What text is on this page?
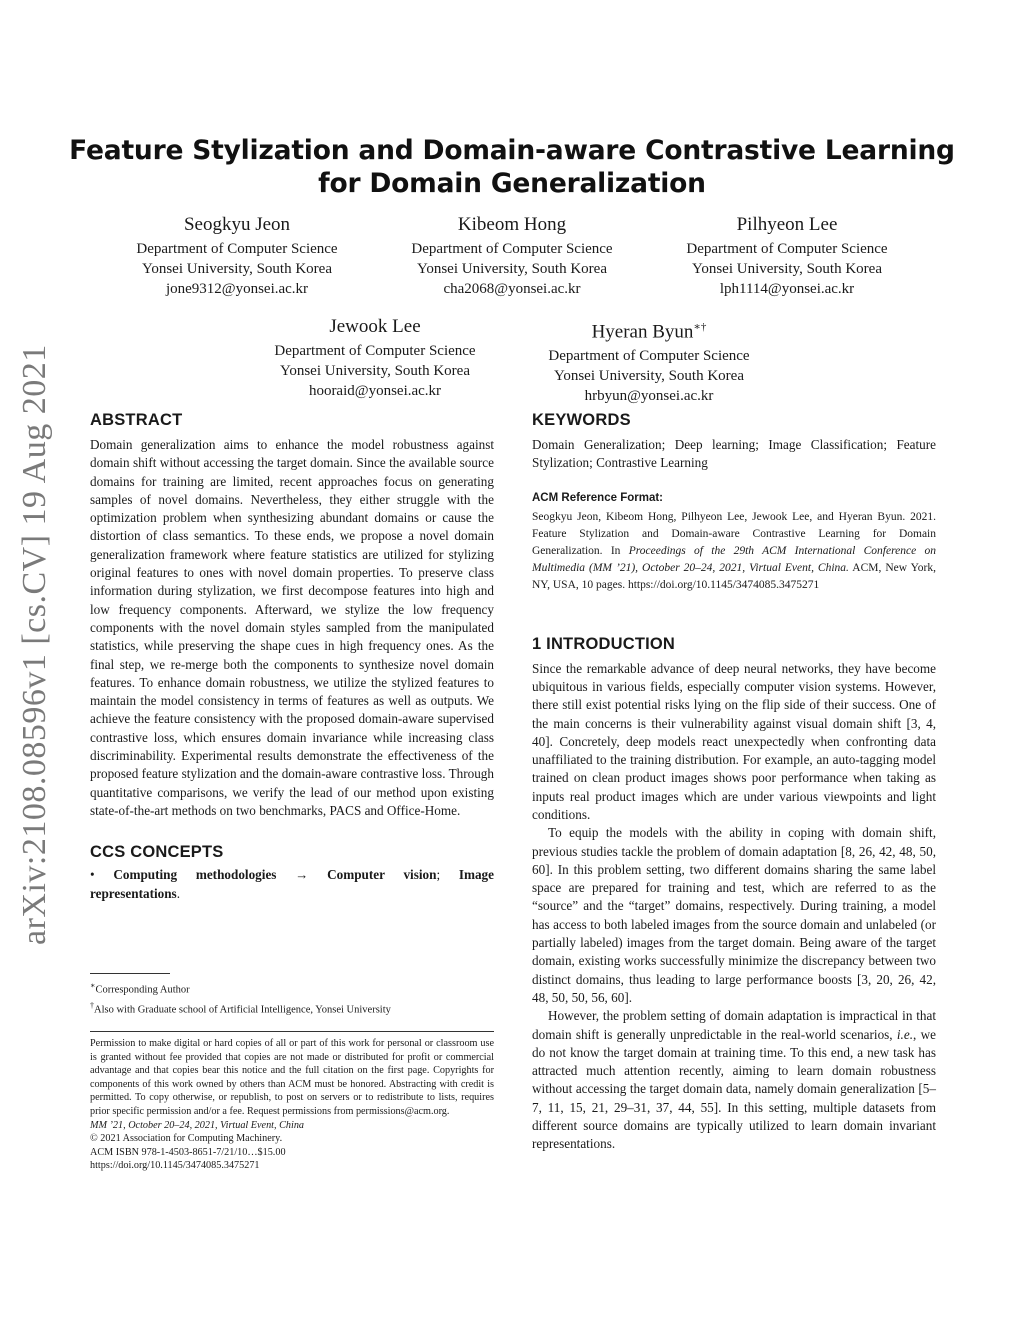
Feature Stylization and Domain-aware Contrastive Learning
for Domain Generalization
Seogkyu Jeon
Department of Computer Science
Yonsei University, South Korea
jone9312@yonsei.ac.kr
Kibeom Hong
Department of Computer Science
Yonsei University, South Korea
cha2068@yonsei.ac.kr
Pilhyeon Lee
Department of Computer Science
Yonsei University, South Korea
lph1114@yonsei.ac.kr
Jewook Lee
Department of Computer Science
Yonsei University, South Korea
hooraid@yonsei.ac.kr
Hyeran Byun∗†
Department of Computer Science
Yonsei University, South Korea
hrbyun@yonsei.ac.kr
arXiv:2108.08596v1 [cs.CV] 19 Aug 2021 ABSTRACT

Domain generalization aims to enhance the model robustness against domain shift without accessing the target domain. Since the available source domains for training are limited, recent approaches focus on generating samples of novel domains. Nevertheless, they either struggle with the optimization problem when synthesizing abundant domains or cause the distortion of class semantics. To these ends, we propose a novel domain generalization framework where feature statistics are utilized for stylizing original features to ones with novel domain properties. To preserve class information during stylization, we first decompose features into high and low frequency components. Afterward, we stylize the low frequency components with the novel domain styles sampled from the manipulated statistics, while preserving the shape cues in high frequency ones. As the final step, we re-merge both the components to synthesize novel domain features. To enhance domain robustness, we utilize the stylized features to maintain the model consistency in terms of features as well as outputs. We achieve the feature consistency with the proposed domain-aware supervised contrastive loss, which ensures domain invariance while increasing class discriminability. Experimental results demonstrate the effectiveness of the proposed feature stylization and the domain-aware contrastive loss. Through quantitative comparisons, we verify the lead of our method upon existing state-of-the-art methods on two benchmarks, PACS and Office-Home.

CCS CONCEPTS

• Computing methodologies → Computer vision; Image representations.

∗Corresponding Author
†Also with Graduate school of Artificial Intelligence, Yonsei University

Permission to make digital or hard copies of all or part of this work for personal or classroom use is granted without fee provided that copies are not made or distributed for profit or commercial advantage and that copies bear this notice and the full citation on the first page. Copyrights for components of this work owned by others than ACM must be honored. Abstracting with credit is permitted. To copy otherwise, or republish, to post on servers or to redistribute to lists, requires prior specific permission and/or a fee. Request permissions from permissions@acm.org.

MM ’21, October 20–24, 2021, Virtual Event, China

© 2021 Association for Computing Machinery.

ACM ISBN 978-1-4503-8651-7/21/10…$15.00

https://doi.org/10.1145/3474085.3475271

KEYWORDS

Domain Generalization; Deep learning; Image Classification; Feature Stylization; Contrastive Learning

ACM Reference Format:

Seogkyu Jeon, Kibeom Hong, Pilhyeon Lee, Jewook Lee, and Hyeran Byun. 2021. Feature Stylization and Domain-aware Contrastive Learning for Domain Generalization. In Proceedings of the 29th ACM International Conference on Multimedia (MM ’21), October 20–24, 2021, Virtual Event, China. ACM, New York, NY, USA, 10 pages. https://doi.org/10.1145/3474085.3475271

1 INTRODUCTION

Since the remarkable advance of deep neural networks, they have become ubiquitous in various fields, especially computer vision systems. However, there still exist potential risks lying on the flip side of their success. One of the main concerns is their vulnerability against visual domain shift [3, 4, 40]. Concretely, deep models react unexpectedly when confronting data unaffiliated to the training distribution. For example, an auto-tagging model trained on clean product images shows poor performance when taking as inputs real product images which are under various viewpoints and light conditions.

To equip the models with the ability in coping with domain shift, previous studies tackle the problem of domain adaptation [8, 26, 42, 48, 50, 60]. In this problem setting, two different domains sharing the same label space are prepared for training and test, which are referred to as the “source” and the “target” domains, respectively. During training, a model has access to both labeled images from the source domain and unlabeled (or partially labeled) images from the target domain. Being aware of the target domain, existing works successfully minimize the discrepancy between two distinct domains, thus leading to large performance boosts [3, 20, 26, 42, 48, 50, 50, 56, 60].

However, the problem setting of domain adaptation is impractical in that domain shift is generally unpredictable in the real-world scenarios, i.e., we do not know the target domain at training time. To this end, a new task has attracted much attention recently, aiming to learn domain robustness without accessing the target domain data, namely domain generalization [5–7, 11, 15, 21, 29–31, 37, 44, 55]. In this setting, multiple datasets from different source domains are typically utilized to learn domain invariant representations.
